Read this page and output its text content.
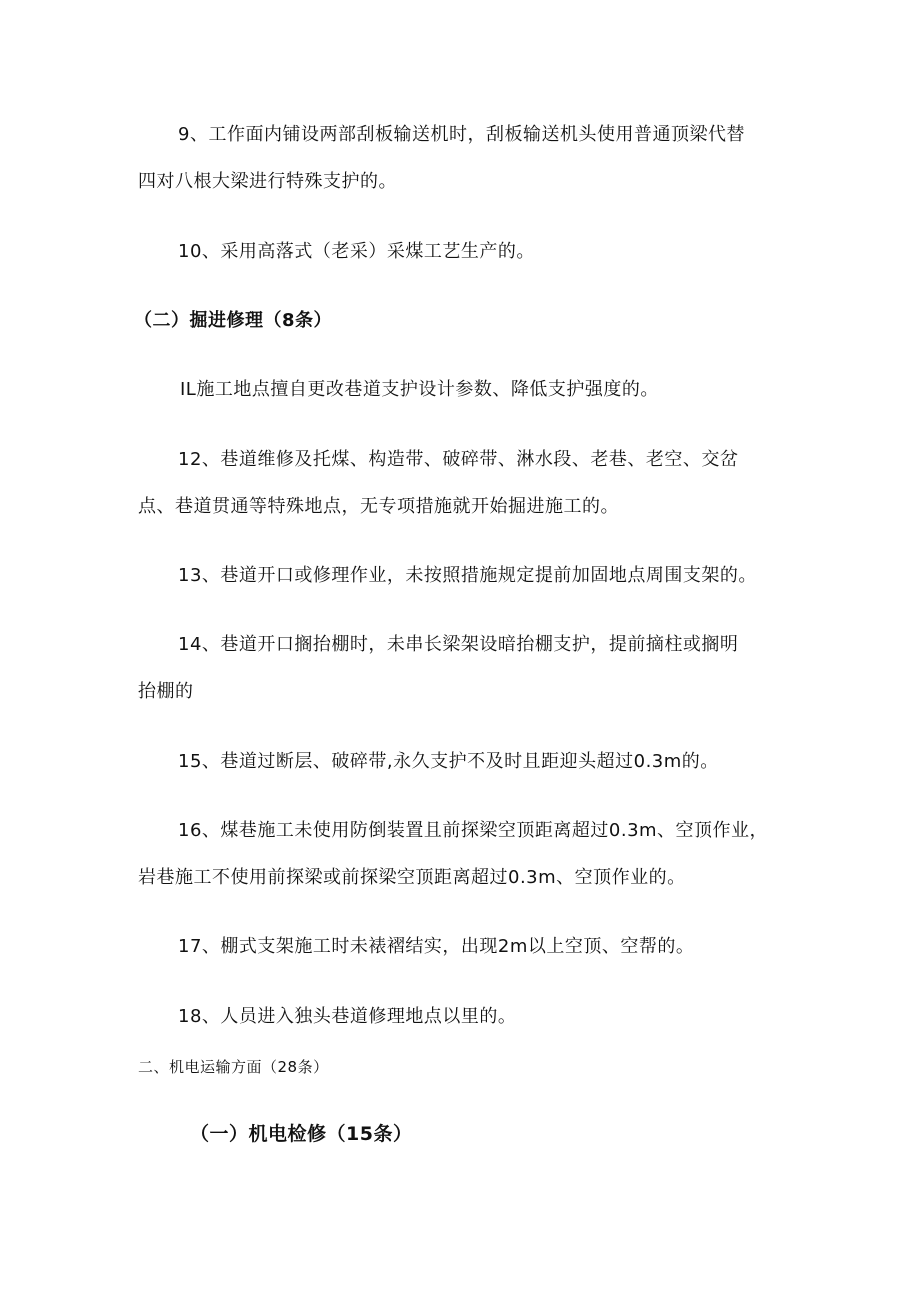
9、工作面内铺设两部刮板输送机时，刮板输送机头使用普通顶梁代替
四对八根大梁进行特殊支护的。
10、采用高落式（老采）采煤工艺生产的。
（二）掘进修理（8条）
IL施工地点擅自更改巷道支护设计参数、降低支护强度的。
12、巷道维修及托煤、构造带、破碎带、淋水段、老巷、老空、交岔
点、巷道贯通等特殊地点，无专项措施就开始掘进施工的。
13、巷道开口或修理作业，未按照措施规定提前加固地点周围支架的。
14、巷道开口搁抬棚时，未串长梁架设暗抬棚支护，提前摘柱或搁明
抬棚的
15、巷道过断层、破碎带,永久支护不及时且距迎头超过0.3m的。
16、煤巷施工未使用防倒装置且前探梁空顶距离超过0.3m、空顶作业，
岩巷施工不使用前探梁或前探梁空顶距离超过0.3m、空顶作业的。
17、棚式支架施工时未裱褶结实，出现2m以上空顶、空帮的。
18、人员进入独头巷道修理地点以里的。
二、机电运输方面（28条）
（一）机电检修（15条）
